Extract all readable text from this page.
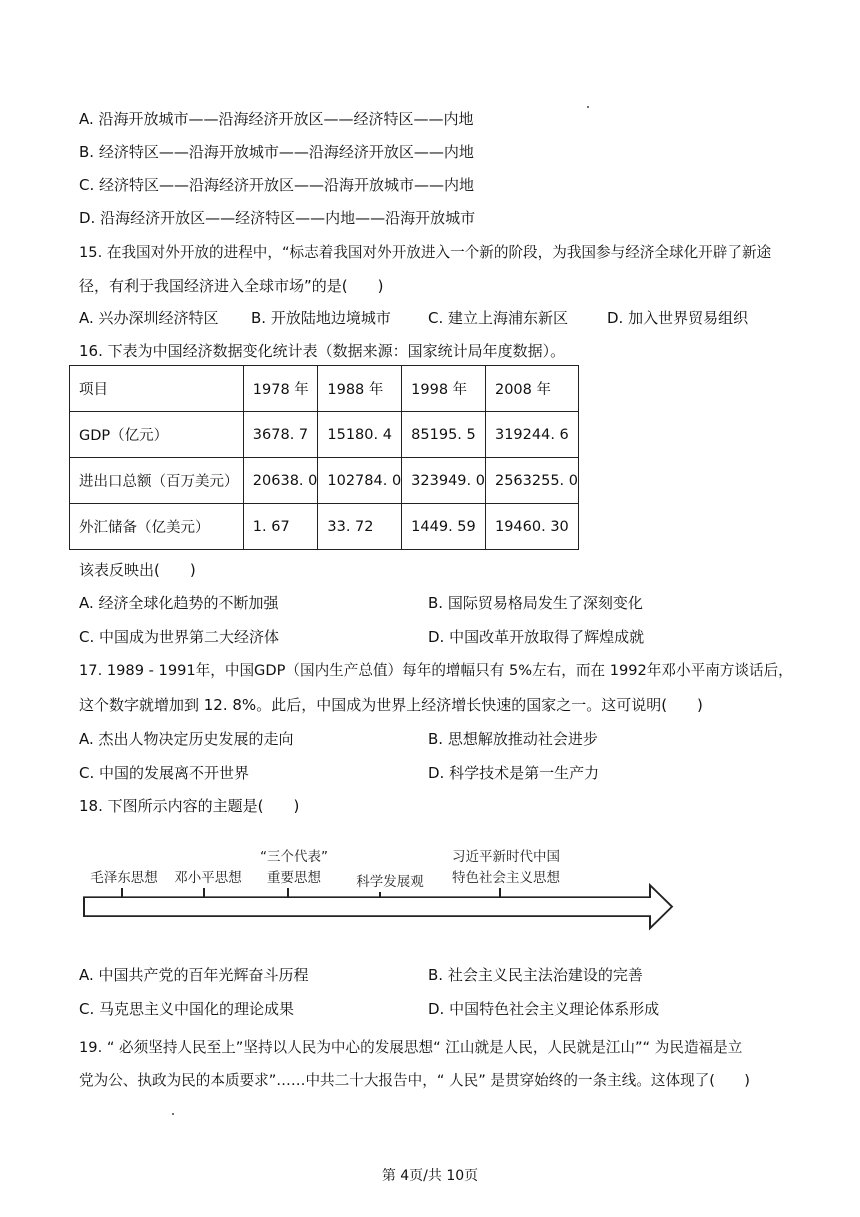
A. 沿海开放城市——沿海经济开放区——经济特区——内地
B. 经济特区——沿海开放城市——沿海经济开放区——内地
C. 经济特区——沿海经济开放区——沿海开放城市——内地
D. 沿海经济开放区——经济特区——内地——沿海开放城市
15. 在我国对外开放的进程中，“标志着我国对外开放进入一个新的阶段，为我国参与经济全球化开辟了新途
径，有利于我国经济进入全球市场”的是(　　)
A. 兴办深圳经济特区 B. 开放陆地边境城市 C. 建立上海浦东新区	D. 加入世界贸易组织
16. 下表为中国经济数据变化统计表（数据来源：国家统计局年度数据）。
项目	1978 年	1988 年	1998 年	2008 年
GDP（亿元）	3678. 7	15180. 4	85195. 5	319244. 6
进出口总额（百万美元）	20638. 0	102784. 0	323949. 0	2563255. 0
外汇储备（亿美元）	1. 67	33. 72	1449. 59	19460. 30
该表反映出(　　)
A. 经济全球化趋势的不断加强	B. 国际贸易格局发生了深刻变化
C. 中国成为世界第二大经济体	D. 中国改革开放取得了辉煌成就
17. 1989 - 1991年，中国GDP（国内生产总值）每年的增幅只有 5%左右，而在 1992年邓小平南方谈话后，
这个数字就增加到 12. 8%。此后，中国成为世界上经济增长快速的国家之一。这可说明(　　)
A. 杰出人物决定历史发展的走向	B. 思想解放推动社会进步
C. 中国的发展离不开世界	D. 科学技术是第一生产力
18. 下图所示内容的主题是(　　)
毛泽东思想 邓小平思想
“三个代表”
重要思想	科学发展观
习近平新时代中国
特色社会主义思想
A. 中国共产党的百年光辉奋斗历程	B. 社会主义民主法治建设的完善
C. 马克思主义中国化的理论成果	D. 中国特色社会主义理论体系形成
19. “ 必须坚持人民至上”坚持以人民为中心的发展思想“ 江山就是人民，人民就是江山”“ 为民造福是立
党为公、执政为民的本质要求”……中共二十大报告中，“ 人民” 是贯穿始终的一条主线。这体现了(　　)
第 4页/共 10页
